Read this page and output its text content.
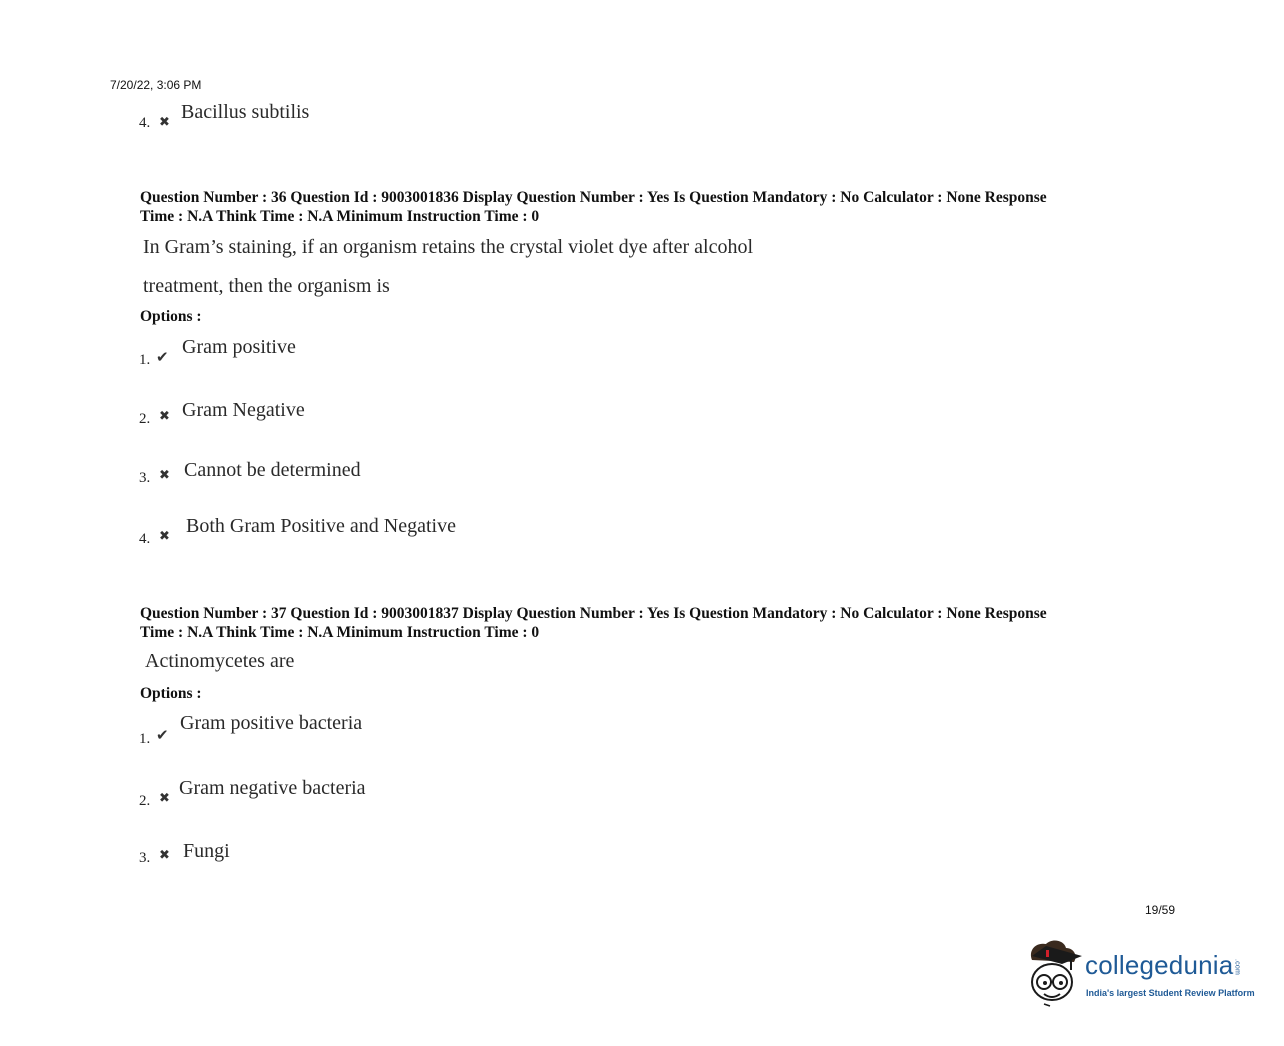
7/20/22, 3:06 PM
4. ✖ Bacillus subtilis
Question Number : 36 Question Id : 9003001836 Display Question Number : Yes Is Question Mandatory : No Calculator : None Response
Time : N.A Think Time : N.A Minimum Instruction Time : 0
In Gram’s staining, if an organism retains the crystal violet dye after alcohol
treatment, then the organism is
Options :
1. ✔ Gram positive
2. ✖ Gram Negative
3. ✖ Cannot be determined
4. ✖ Both Gram Positive and Negative
Question Number : 37 Question Id : 9003001837 Display Question Number : Yes Is Question Mandatory : No Calculator : None Response
Time : N.A Think Time : N.A Minimum Instruction Time : 0
Actinomycetes are
Options :
1. ✔
Gram positive bacteria
2. ✖ Gram negative bacteria
3. ✖ Fungi
19/59
collegedunia.com
India's largest Student Review Platform
